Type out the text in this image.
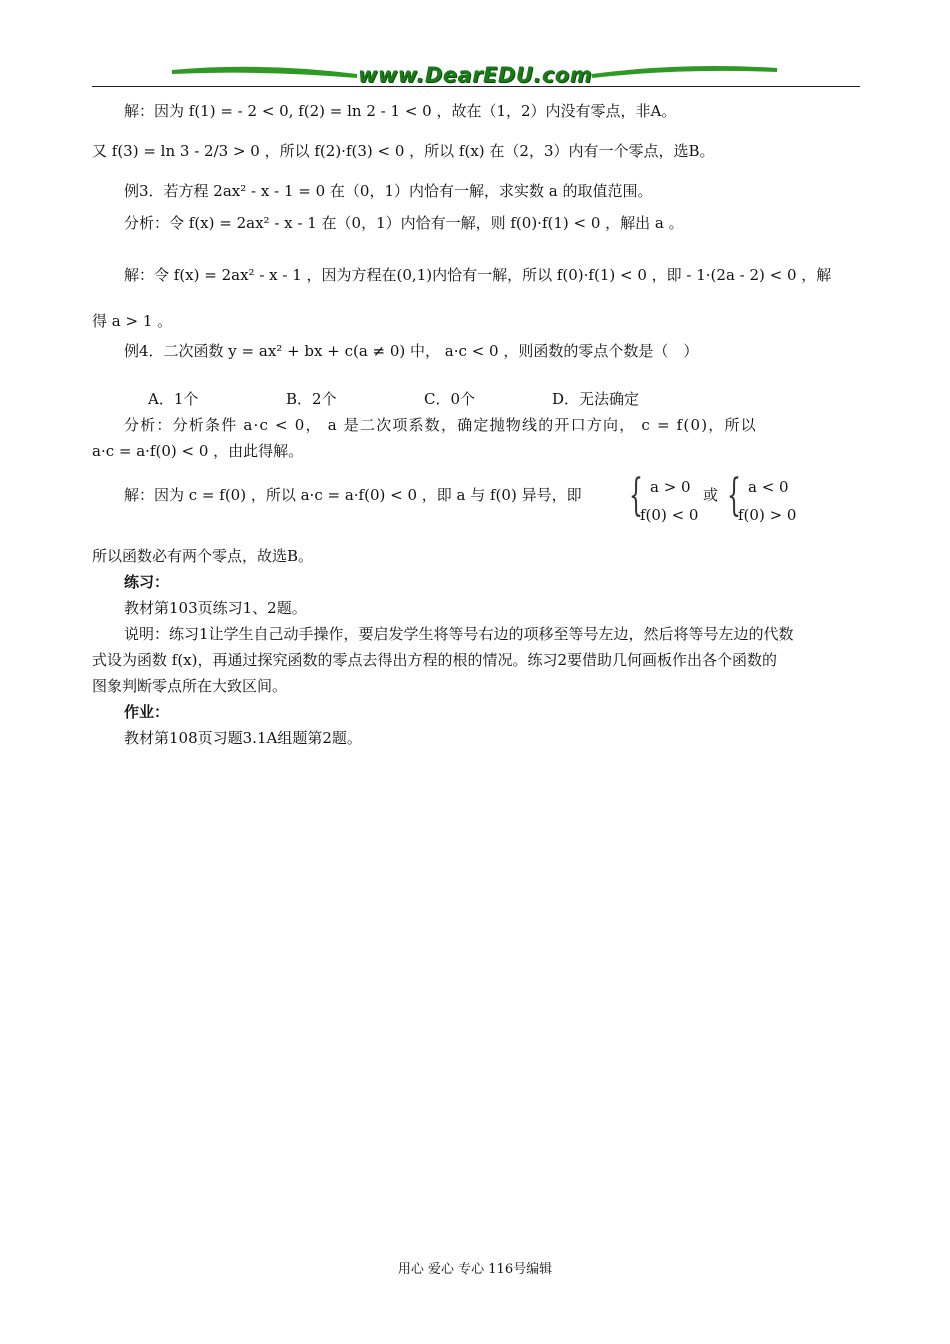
www.DearEDU.com
解：因为 f(1) = - 2 < 0, f(2) = ln 2 - 1 < 0 ，故在（1，2）内没有零点，非A。
又 f(3) = ln 3 - 2/3 > 0 ，所以 f(2)·f(3) < 0 ，所以 f(x) 在（2，3）内有一个零点，选B。
例3．若方程 2ax² - x - 1 = 0 在（0，1）内恰有一解，求实数 a 的取值范围。
分析：令 f(x) = 2ax² - x - 1 在（0，1）内恰有一解，则 f(0)·f(1) < 0 ，解出 a 。
解：令 f(x) = 2ax² - x - 1 ，因为方程在(0,1)内恰有一解，所以 f(0)·f(1) < 0 ，即 - 1·(2a - 2) < 0 ，解
得 a > 1 。
例4．二次函数 y = ax² + bx + c(a ≠ 0) 中， a·c < 0 ，则函数的零点个数是（　）
A．1个	B．2个	C．0个	D．无法确定
分析：分析条件 a·c < 0， a 是二次项系数，确定抛物线的开口方向， c = f(0)，所以
a·c = a·f(0) < 0 ，由此得解。
解：因为 c = f(0) ，所以 a·c = a·f(0) < 0 ，即 a 与 f(0) 异号，即 { a > 0
f(0) < 0
或 { a < 0
f(0) > 0
所以函数必有两个零点，故选B。
练习：
教材第103页练习1、2题。
说明：练习1让学生自己动手操作，要启发学生将等号右边的项移至等号左边，然后将等号左边的代数
式设为函数 f(x)，再通过探究函数的零点去得出方程的根的情况。练习2要借助几何画板作出各个函数的
图象判断零点所在大致区间。
作业：
教材第108页习题3.1A组题第2题。
用心 爱心 专心 116号编辑
